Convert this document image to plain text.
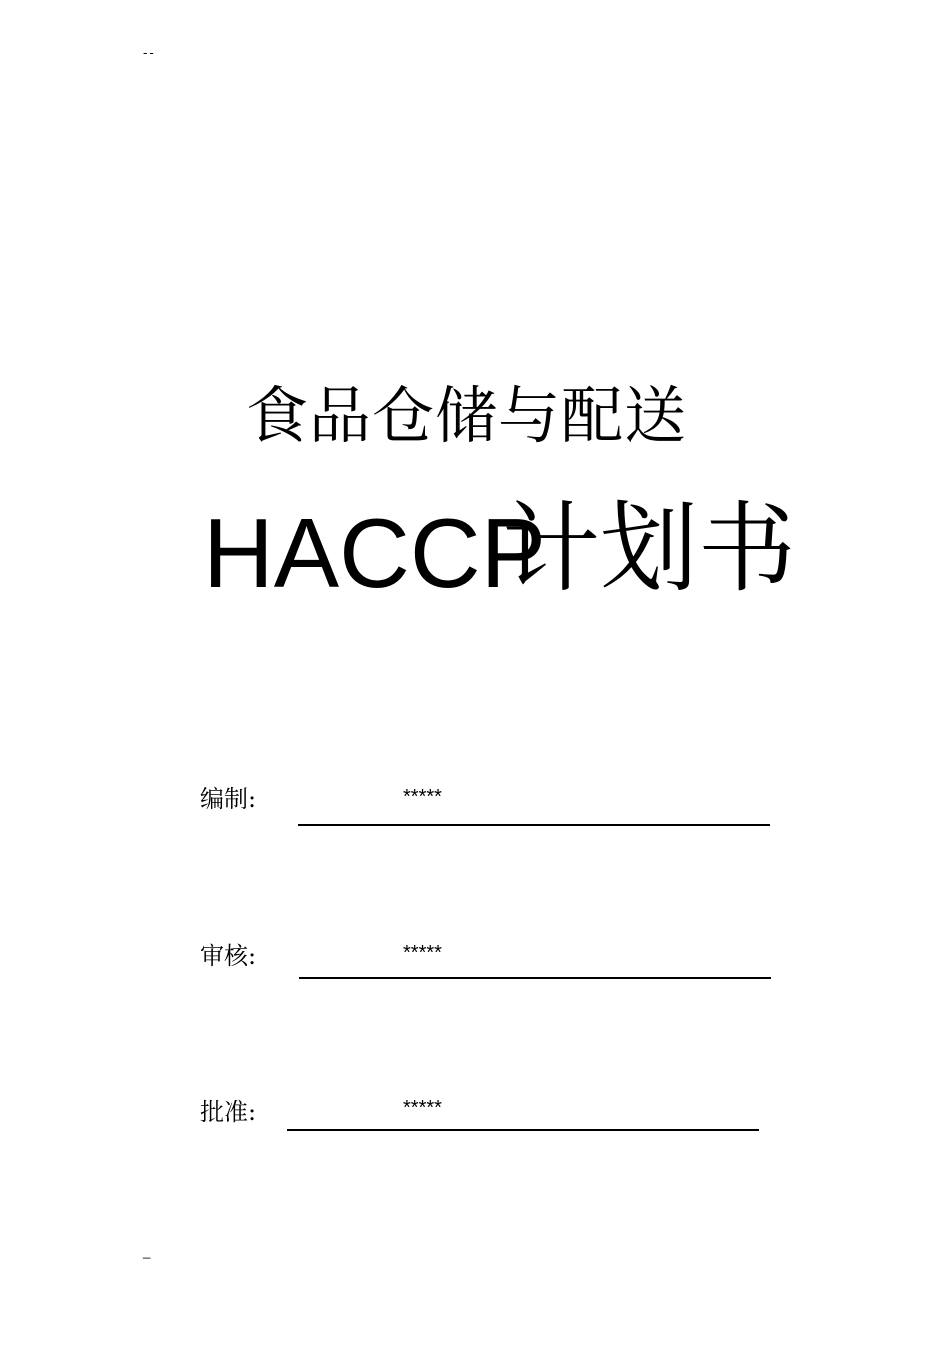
--
食品仓储与配送
HACCP
计划书
编制:	*****
审核:	*****
批准:	*****
_
